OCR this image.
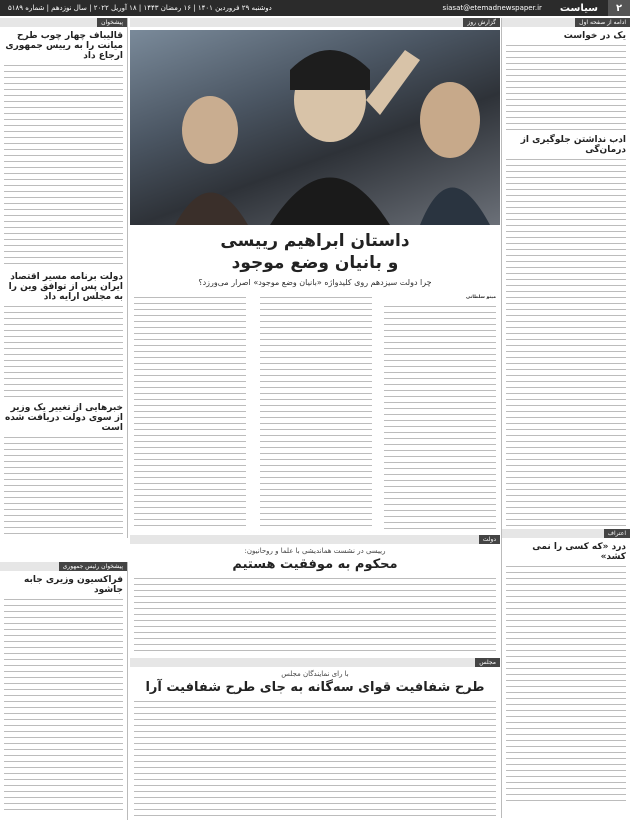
۲
سیاست
siasat@etemadnewspaper.ir
دوشنبه ۲۹ فروردین ۱۴۰۱ | ۱۶ رمضان ۱۴۴۳ | ۱۸ آوریل ۲۰۲۲ | سال نوزدهم | شماره ۵۱۸۹
ادامه از صفحه اول
یک در خواست
ادب نداشتن جلوگیری از درمان‌گی
اعتراف
درد «که کسی را نمی کشد»
گزارش روز
داستان ابراهیم رییسی
و بانیان وضع موجود
چرا دولت سیزدهم روی کلیدواژه «بانیان وضع موجود» اصرار می‌ورزد؟
مینو سلطانی
دولت
رییسی در نشست هماندیشی با علما و روحانیون:
محکوم به موفقیت هستیم
مجلس
با رای نمایندگان مجلس
طرح شفافیت قوای سه‌گانه به جای طرح شفافیت آرا
پیشخوان
قالیباف چهار چوب طرح میانت را به رییس جمهوری ارجاع داد
دولت برنامه مسیر اقتصاد ایران پس از توافق وین را به مجلس ارایه داد
خبرهایی از تغییر یک وزیر از سوی دولت دریافت شده است
پیشخوان رئیس جمهوری
فراکسیون وزیری جابه جاشود
